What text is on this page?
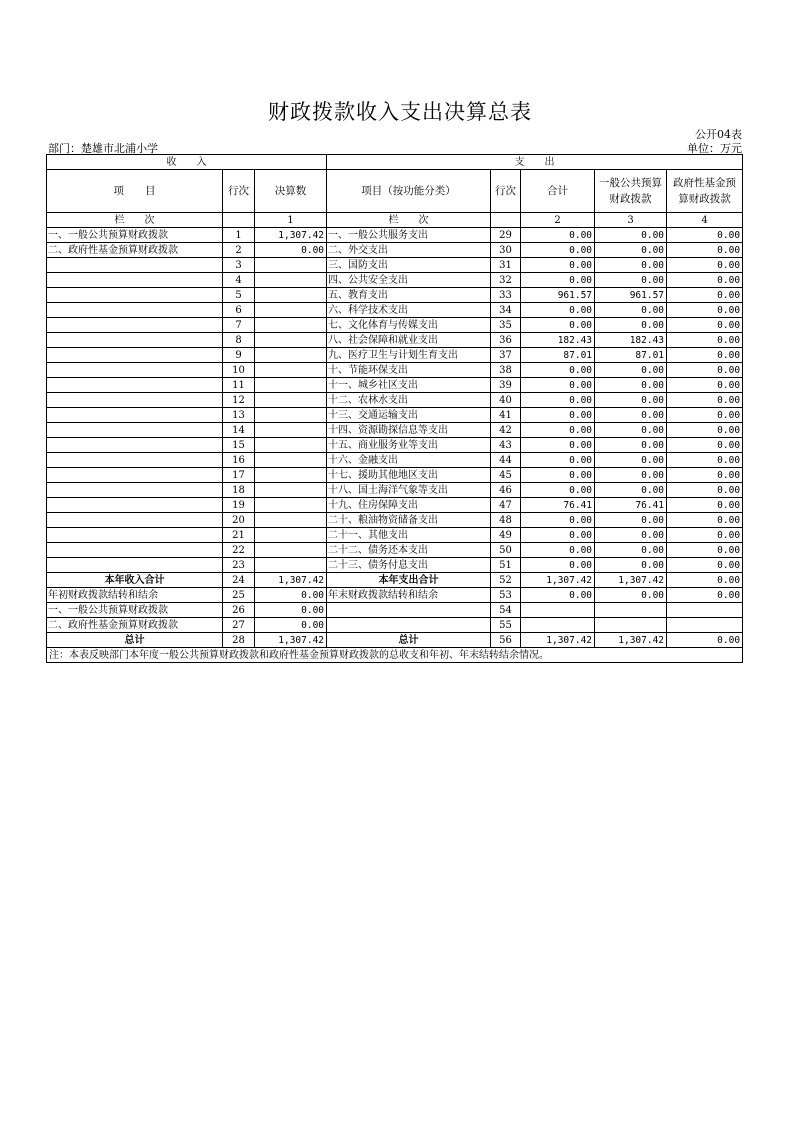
财政拨款收入支出决算总表
公开04表
部门：楚雄市北浦小学	单位：万元
收　　入			支　　出				
项　　目	行次	决算数	项目（按功能分类）	行次	合计	一般公共预算财政拨款	政府性基金预算财政拨款
栏　　次		1	栏　　次		2	3	4
一、一般公共预算财政拨款	1	1,307.42	一、一般公共服务支出	29	0.00	0.00	0.00
二、政府性基金预算财政拨款	2	0.00	二、外交支出	30	0.00	0.00	0.00
	3		三、国防支出	31	0.00	0.00	0.00
	4		四、公共安全支出	32	0.00	0.00	0.00
	5		五、教育支出	33	961.57	961.57	0.00
	6		六、科学技术支出	34	0.00	0.00	0.00
	7		七、文化体育与传媒支出	35	0.00	0.00	0.00
	8		八、社会保障和就业支出	36	182.43	182.43	0.00
	9		九、医疗卫生与计划生育支出	37	87.01	87.01	0.00
	10		十、节能环保支出	38	0.00	0.00	0.00
	11		十一、城乡社区支出	39	0.00	0.00	0.00
	12		十二、农林水支出	40	0.00	0.00	0.00
	13		十三、交通运输支出	41	0.00	0.00	0.00
	14		十四、资源勘探信息等支出	42	0.00	0.00	0.00
	15		十五、商业服务业等支出	43	0.00	0.00	0.00
	16		十六、金融支出	44	0.00	0.00	0.00
	17		十七、援助其他地区支出	45	0.00	0.00	0.00
	18		十八、国土海洋气象等支出	46	0.00	0.00	0.00
	19		十九、住房保障支出	47	76.41	76.41	0.00
	20		二十、粮油物资储备支出	48	0.00	0.00	0.00
	21		二十一、其他支出	49	0.00	0.00	0.00
	22		二十二、债务还本支出	50	0.00	0.00	0.00
	23		二十三、债务付息支出	51	0.00	0.00	0.00
本年收入合计	24	1,307.42	本年支出合计	52	1,307.42	1,307.42	0.00
年初财政拨款结转和结余	25	0.00	年末财政拨款结转和结余	53	0.00	0.00	0.00
一、一般公共预算财政拨款	26	0.00		54			
二、政府性基金预算财政拨款	27	0.00		55			
总计	28	1,307.42	总计	56	1,307.42	1,307.42	0.00
注：本表反映部门本年度一般公共预算财政拨款和政府性基金预算财政拨款的总收支和年初、年末结转结余情况。							
